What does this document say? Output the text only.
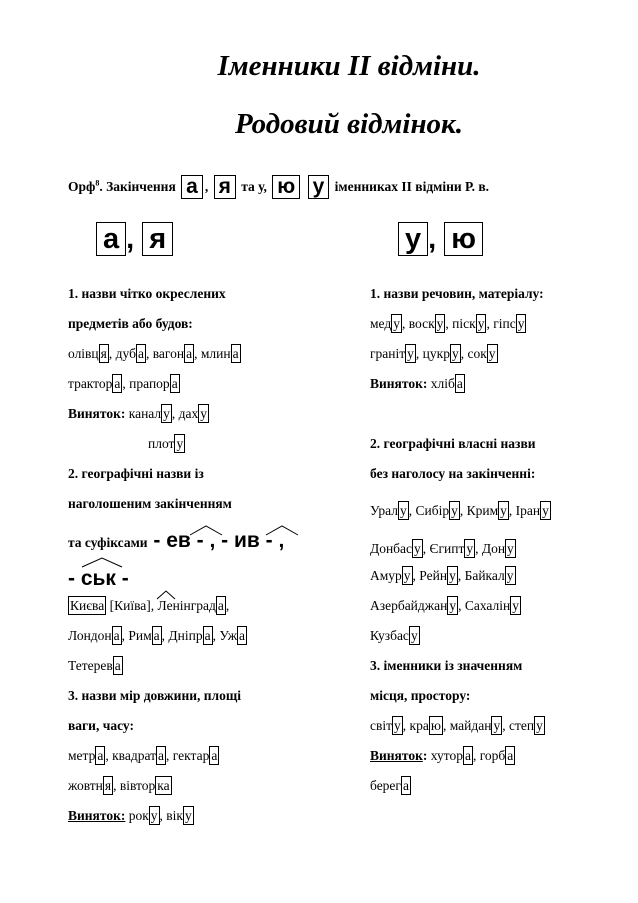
Іменники ІІ відміни.
Родовий відмінок.
Орф$^8$. Закінчення а , я та у, ю у іменниках ІІ відміни Р. в.
а , я	у , ю
1. назви чітко окреслених
предметів або будов:
олівц я , дуб а , вагон а , млин а
трактор а , прапор а
Виняток: канал у , дах у
плот у
2. географічні назви із
наголошеним закінченням
та суфіксами - ев - , - ив - ,
- ськ -
Києва [Київа], Ленінград а ,
Лондон а , Рим а , Дніпр а , Уж а
Тетерев а
3. назви мір довжини, площі
ваги, часу:
метр а , квадрат а , гектар а
жовтн я , вівтор ка
Виняток: рок у , вік у
1. назви речовин, матеріалу:
мед у , воск у , піск у , гіпс у
граніт у , цукр у , сок у
Виняток: хліб а
2. географічні власні назви
без наголосу на закінченні:
Урал у , Сибір у , Крим у , Іран у
Донбас у , Єгипт у , Дон у
Амур у , Рейн у , Байкал у
Азербайджан у , Сахалін у
Кузбас у
3. іменники із значенням
місця, простору:
світ у , кра ю , майдан у , степ у
Виняток: хутор а , горб а
берег а
